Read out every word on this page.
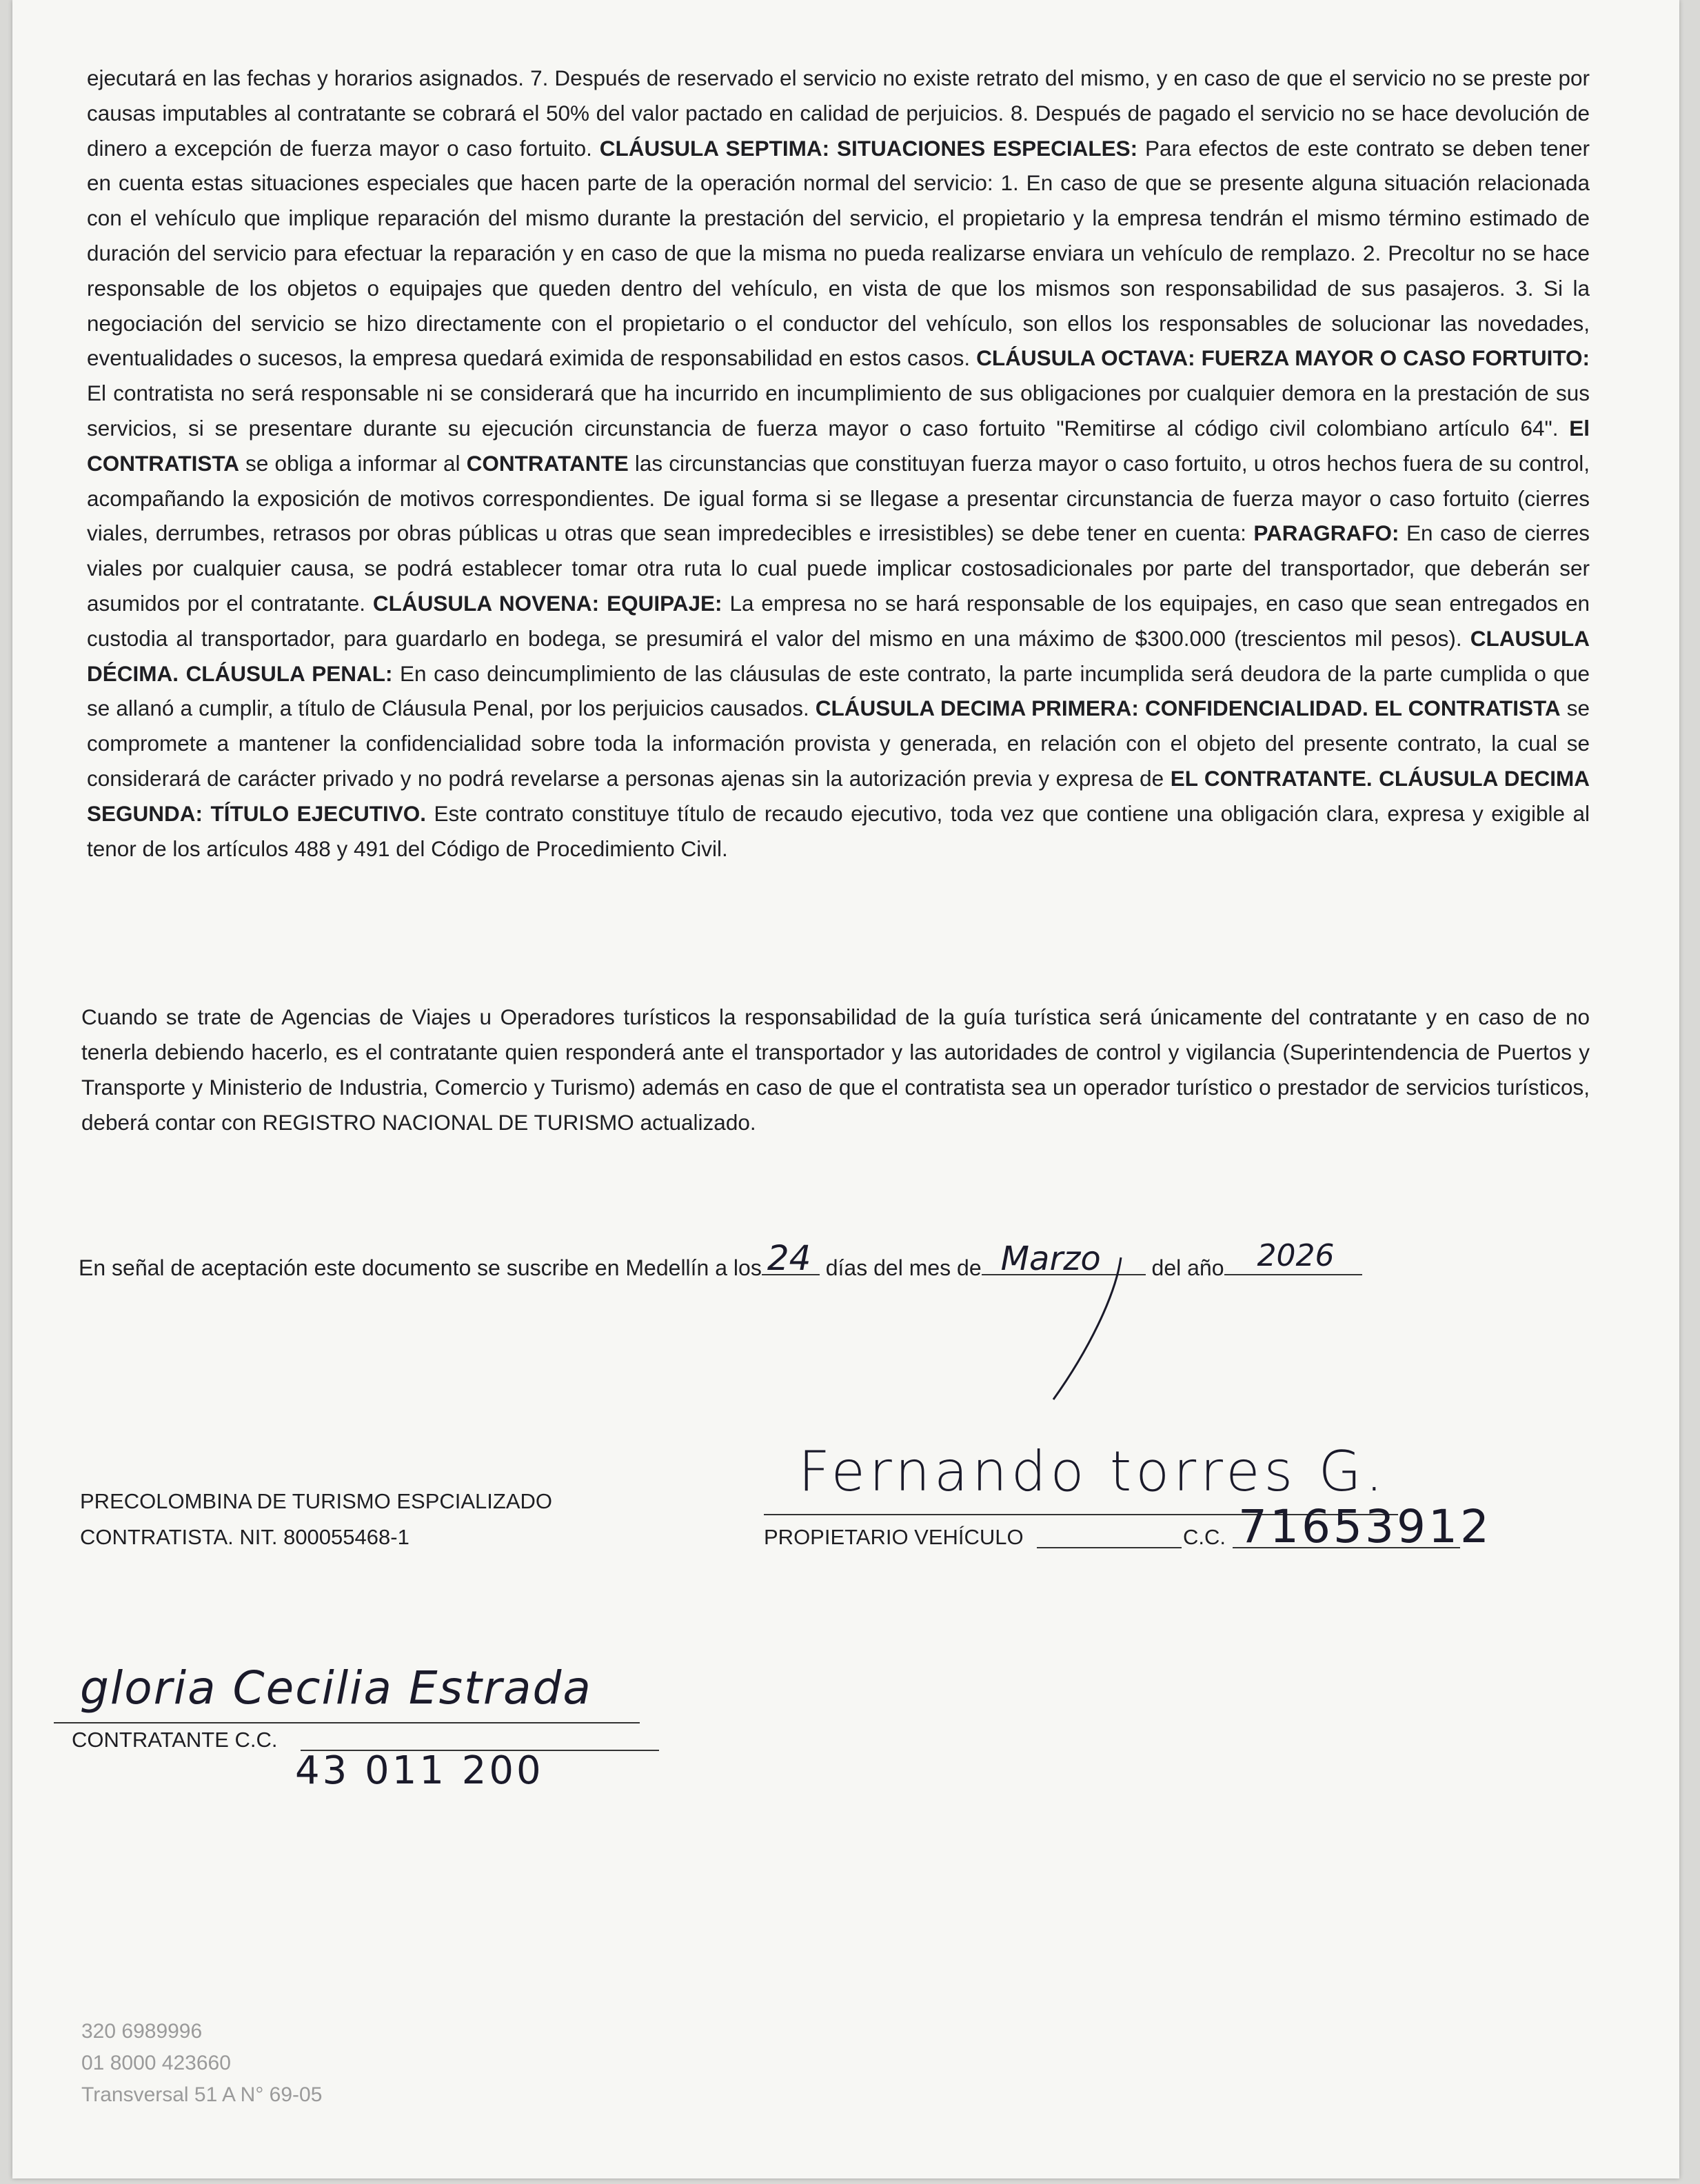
ejecutará en las fechas y horarios asignados. 7. Después de reservado el servicio no existe retrato del mismo, y en caso de que el servicio no se preste por causas imputables al contratante se cobrará el 50% del valor pactado en calidad de perjuicios. 8. Después de pagado el servicio no se hace devolución de dinero a excepción de fuerza mayor o caso fortuito. CLÁUSULA SEPTIMA: SITUACIONES ESPECIALES: Para efectos de este contrato se deben tener en cuenta estas situaciones especiales que hacen parte de la operación normal del servicio: 1. En caso de que se presente alguna situación relacionada con el vehículo que implique reparación del mismo durante la prestación del servicio, el propietario y la empresa tendrán el mismo término estimado de duración del servicio para efectuar la reparación y en caso de que la misma no pueda realizarse enviara un vehículo de remplazo. 2. Precoltur no se hace responsable de los objetos o equipajes que queden dentro del vehículo, en vista de que los mismos son responsabilidad de sus pasajeros. 3. Si la negociación del servicio se hizo directamente con el propietario o el conductor del vehículo, son ellos los responsables de solucionar las novedades, eventualidades o sucesos, la empresa quedará eximida de responsabilidad en estos casos. CLÁUSULA OCTAVA: FUERZA MAYOR O CASO FORTUITO: El contratista no será responsable ni se considerará que ha incurrido en incumplimiento de sus obligaciones por cualquier demora en la prestación de sus servicios, si se presentare durante su ejecución circunstancia de fuerza mayor o caso fortuito "Remitirse al código civil colombiano artículo 64". El CONTRATISTA se obliga a informar al CONTRATANTE las circunstancias que constituyan fuerza mayor o caso fortuito, u otros hechos fuera de su control, acompañando la exposición de motivos correspondientes. De igual forma si se llegase a presentar circunstancia de fuerza mayor o caso fortuito (cierres viales, derrumbes, retrasos por obras públicas u otras que sean impredecibles e irresistibles) se debe tener en cuenta: PARAGRAFO: En caso de cierres viales por cualquier causa, se podrá establecer tomar otra ruta lo cual puede implicar costosadicionales por parte del transportador, que deberán ser asumidos por el contratante. CLÁUSULA NOVENA: EQUIPAJE: La empresa no se hará responsable de los equipajes, en caso que sean entregados en custodia al transportador, para guardarlo en bodega, se presumirá el valor del mismo en una máximo de $300.000 (trescientos mil pesos). CLAUSULA DÉCIMA. CLÁUSULA PENAL: En caso deincumplimiento de las cláusulas de este contrato, la parte incumplida será deudora de la parte cumplida o que se allanó a cumplir, a título de Cláusula Penal, por los perjuicios causados. CLÁUSULA DECIMA PRIMERA: CONFIDENCIALIDAD. EL CONTRATISTA se compromete a mantener la confidencialidad sobre toda la información provista y generada, en relación con el objeto del presente contrato, la cual se considerará de carácter privado y no podrá revelarse a personas ajenas sin la autorización previa y expresa de EL CONTRATANTE. CLÁUSULA DECIMA SEGUNDA: TÍTULO EJECUTIVO. Este contrato constituye título de recaudo ejecutivo, toda vez que contiene una obligación clara, expresa y exigible al tenor de los artículos 488 y 491 del Código de Procedimiento Civil.

Cuando se trate de Agencias de Viajes u Operadores turísticos la responsabilidad de la guía turística será únicamente del contratante y en caso de no tenerla debiendo hacerlo, es el contratante quien responderá ante el transportador y las autoridades de control y vigilancia (Superintendencia de Puertos y Transporte y Ministerio de Industria, Comercio y Turismo) además en caso de que el contratista sea un operador turístico o prestador de servicios turísticos, deberá contar con REGISTRO NACIONAL DE TURISMO actualizado.

En señal de aceptación este documento se suscribe en Medellín a los 24 días del mes de Marzo del año 2026
PRECOLOMBINA DE TURISMO ESPCIALIZADO
CONTRATISTA. NIT. 800055468-1
Fernando torres G.
PROPIETARIO VEHÍCULO	C.C. 71653912
gloria Cecilia Estrada
CONTRATANTE C.C.
43 011 200
320 6989996
01 8000 423660
Transversal 51 A N° 69-05
